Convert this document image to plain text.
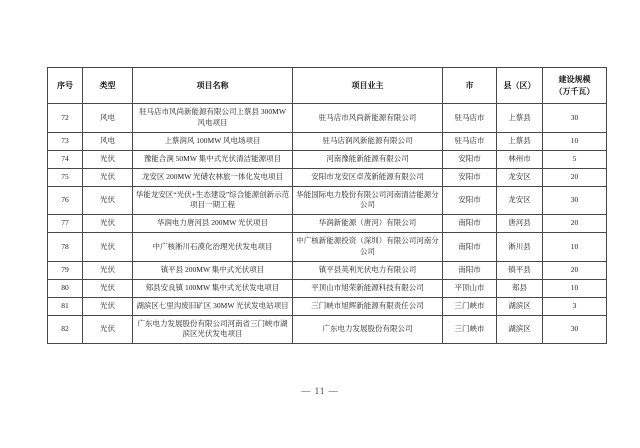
序号	类型	项目名称	项目业主	市	县（区）	建设规模
（万千瓦）

72	风电	驻马店市风尚新能源有限公司上蔡县 300MW 风电项目	驻马店市风尚新能源有限公司	驻马店市	上蔡县	30
73	风电	上蔡润风 100MW 风电场项目	驻马店润风新能源有限公司	驻马店市	上蔡县	10
74	光伏	豫能合涧 50MW 集中式光伏清洁能源项目	河南豫能新能源有限公司	安阳市	林州市	5
75	光伏	龙安区 200MW 光储农林旅一体化发电项目	安阳市龙安区卓茂新能源有限公司	安阳市	龙安区	20
76	光伏	华能龙安区“光伏+生态建设”综合能源创新示范项目一期工程	华能国际电力股份有限公司河南清洁能源分公司	安阳市	龙安区	30
77	光伏	华润电力唐河县 200MW 光伏项目	华润新能源（唐河）有限公司	南阳市	唐河县	20
78	光伏	中广核淅川石漠化治理光伏发电项目	中广核新能源投资（深圳）有限公司河南分公司	南阳市	淅川县	10
79	光伏	镇平县 200MW 集中式光伏项目	镇平县英利光伏电力有限公司	南阳市	镇平县	20
80	光伏	郏县安良镇 100MW 集中式光伏发电项目	平顶山市旭荣新能源科技有限公司	平顶山市	郏县	10
81	光伏	湖滨区七里沟废旧矿区 30MW 光伏发电站项目	三门峡市旭辉新能源有限责任公司	三门峡市	湖滨区	3
82	光伏	广东电力发展股份有限公司河南省三门峡市湖滨区光伏发电项目	广东电力发展股份有限公司	三门峡市	湖滨区	30
— 11 —
